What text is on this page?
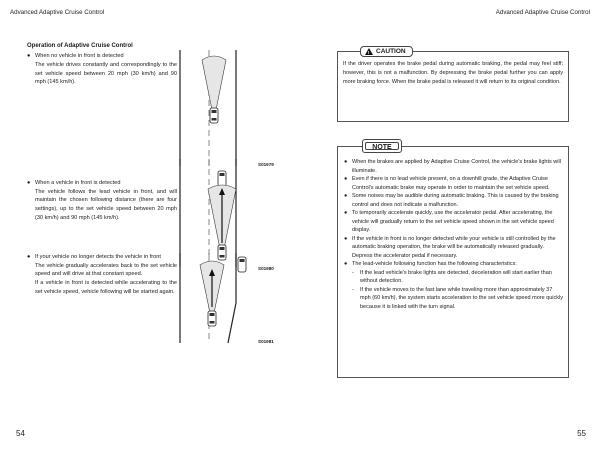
Advanced Adaptive Cruise Control	Advanced Adaptive Cruise Control
Operation of Adaptive Cruise Control
● When no vehicle in front is detected
The vehicle drives constantly and correspondingly to the set vehicle speed between 20 mph (30 km/h) and 90 mph (145 km/h).
● When a vehicle in front is detected
The vehicle follows the lead vehicle in front, and will maintain the chosen following distance (there are four settings), up to the set vehicle speed between 20 mph (30 km/h) and 90 mph (145 km/h).
● If your vehicle no longer detects the vehicle in front
The vehicle gradually accelerates back to the set vehicle speed and will drive at that constant speed.
If a vehicle in front is detected while accelerating to the set vehicle speed, vehicle following will be started again.
S01979
S01980
S01981
!
CAUTION
If the driver operates the brake pedal during automatic braking, the pedal may feel stiff; however, this is not a malfunction. By depressing the brake pedal further you can apply more braking force. When the brake pedal is released it will return to its original condition.
NOTE
● When the brakes are applied by Adaptive Cruise Control, the vehicle's brake lights will illuminate.
● Even if there is no lead vehicle present, on a downhill grade, the Adaptive Cruise Control's automatic brake may operate in order to maintain the set vehicle speed.
● Some noises may be audible during automatic braking. This is caused by the braking control and does not indicate a malfunction.
● To temporarily accelerate quickly, use the accelerator pedal. After accelerating, the vehicle will gradually return to the set vehicle speed shown in the set vehicle speed display.
● If the vehicle in front is no longer detected while your vehicle is still controlled by the automatic braking operation, the brake will be automatically released gradually. Depress the accelerator pedal if necessary.
● The lead-vehicle following function has the following characteristics:
-	If the lead vehicle's brake lights are detected, deceleration will start earlier than without detection.
-	If the vehicle moves to the fast lane while traveling more than approximately 37 mph (60 km/h), the system starts acceleration to the set vehicle speed more quickly because it is linked with the turn signal.
54	55
